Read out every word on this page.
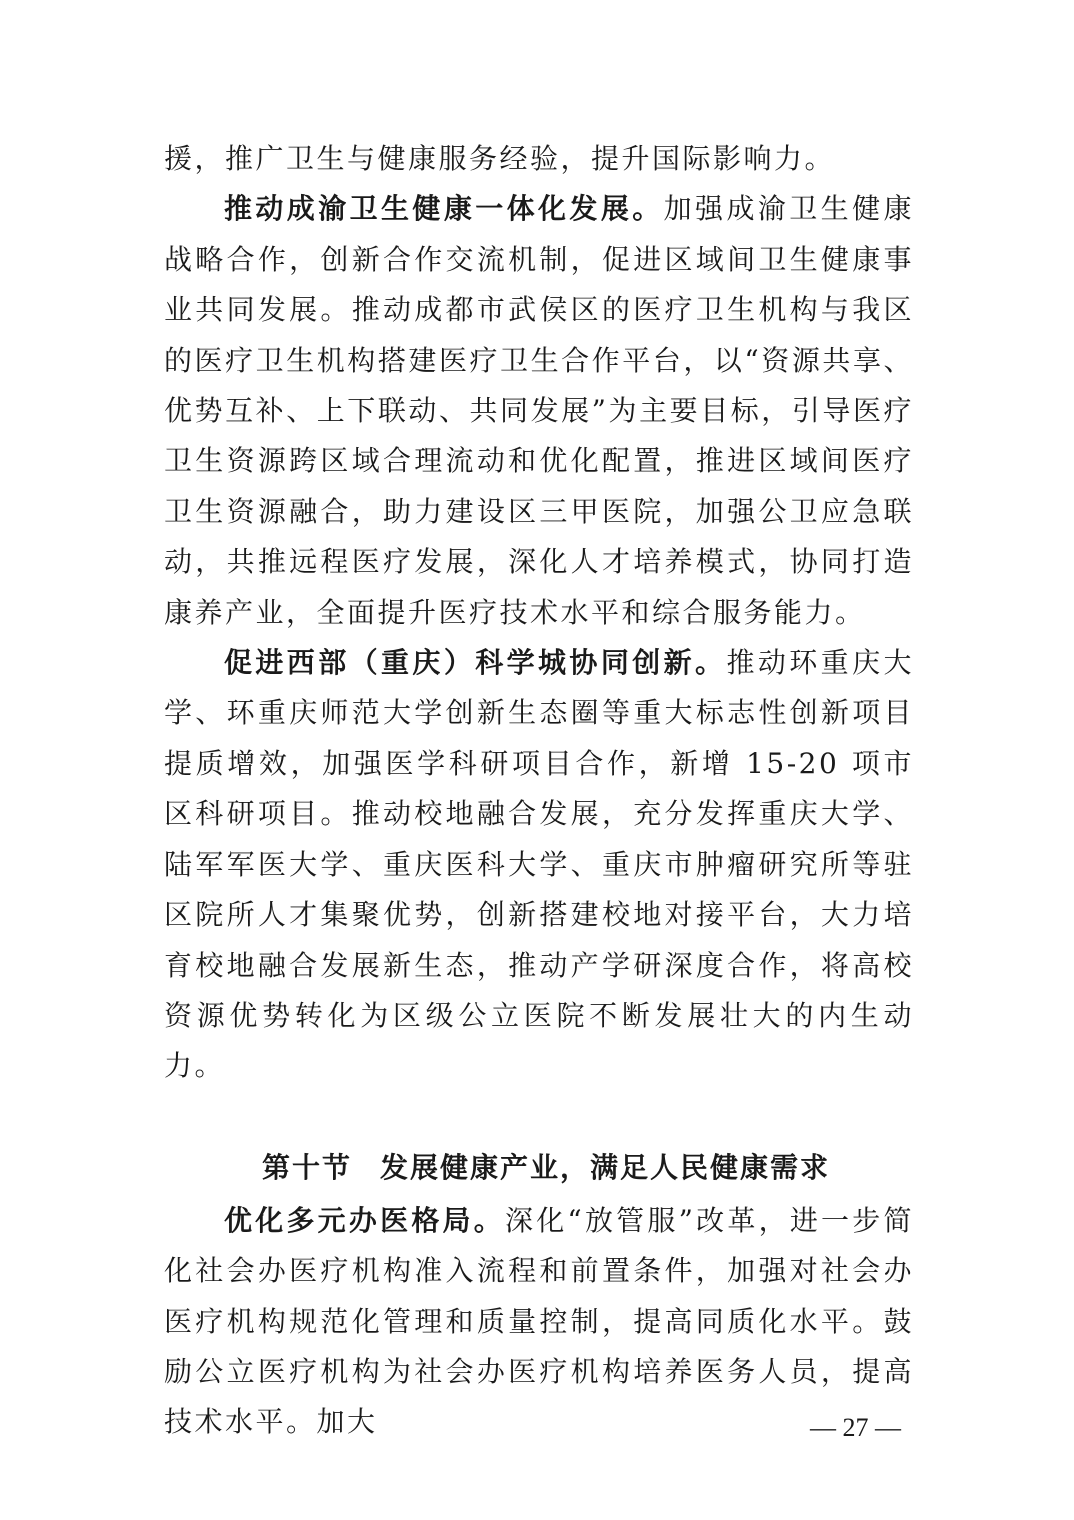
援，推广卫生与健康服务经验，提升国际影响力。

推动成渝卫生健康一体化发展。加强成渝卫生健康战略合作，创新合作交流机制，促进区域间卫生健康事业共同发展。推动成都市武侯区的医疗卫生机构与我区的医疗卫生机构搭建医疗卫生合作平台，以“资源共享、优势互补、上下联动、共同发展”为主要目标，引导医疗卫生资源跨区域合理流动和优化配置，推进区域间医疗卫生资源融合，助力建设区三甲医院，加强公卫应急联动，共推远程医疗发展，深化人才培养模式，协同打造康养产业，全面提升医疗技术水平和综合服务能力。

促进西部（重庆）科学城协同创新。推动环重庆大学、环重庆师范大学创新生态圈等重大标志性创新项目提质增效，加强医学科研项目合作，新增 15-20 项市区科研项目。推动校地融合发展，充分发挥重庆大学、陆军军医大学、重庆医科大学、重庆市肿瘤研究所等驻区院所人才集聚优势，创新搭建校地对接平台，大力培育校地融合发展新生态，推动产学研深度合作，将高校资源优势转化为区级公立医院不断发展壮大的内生动力。

第十节 发展健康产业，满足人民健康需求

优化多元办医格局。深化“放管服”改革，进一步简化社会办医疗机构准入流程和前置条件，加强对社会办医疗机构规范化管理和质量控制，提高同质化水平。鼓励公立医疗机构为社会办医疗机构培养医务人员，提高技术水平。加大	— 27 —
